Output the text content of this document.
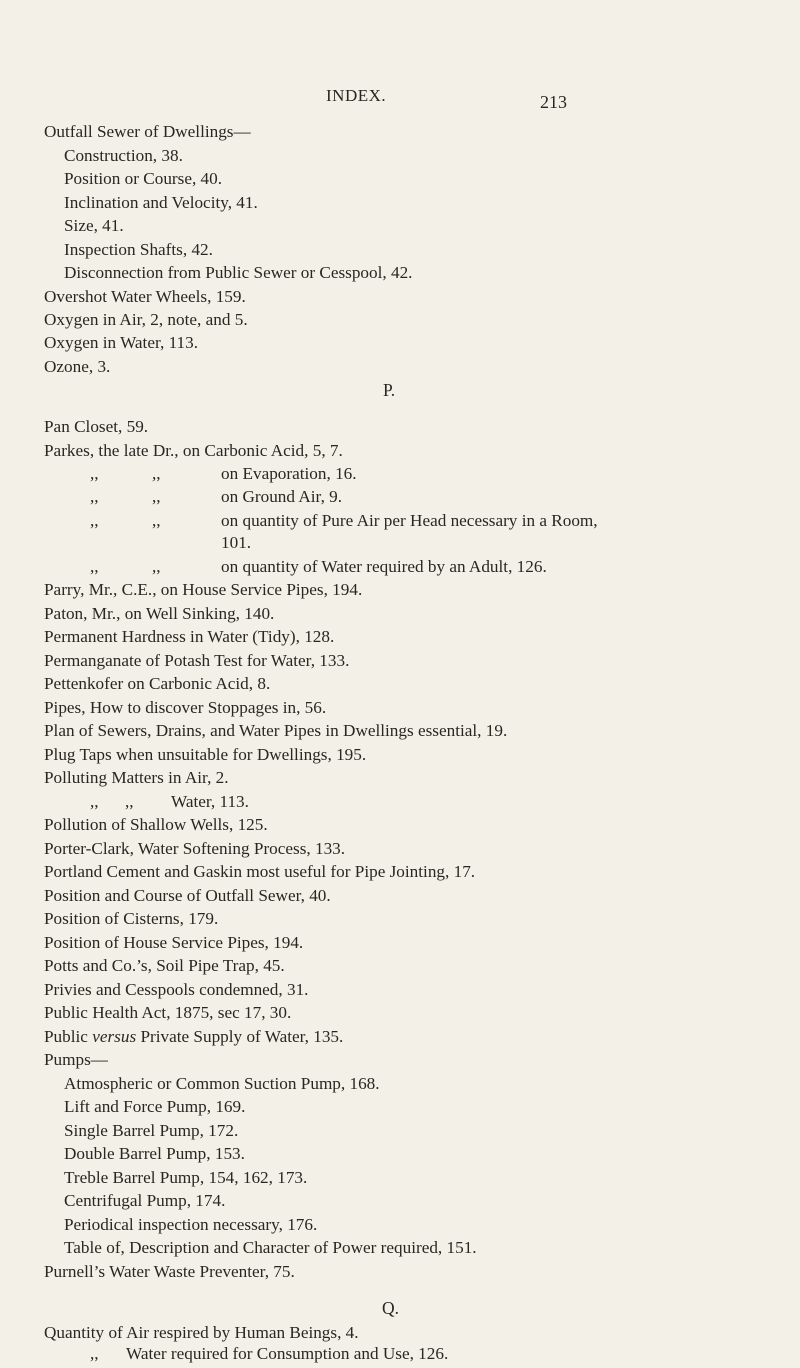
INDEX.	213
Outfall Sewer of Dwellings—
Construction, 38.
Position or Course, 40.
Inclination and Velocity, 41.
Size, 41.
Inspection Shafts, 42.
Disconnection from Public Sewer or Cesspool, 42.
Overshot Water Wheels, 159.
Oxygen in Air, 2, note, and 5.
Oxygen in Water, 113.
Ozone, 3.
P.
Pan Closet, 59.
Parkes, the late Dr., on Carbonic Acid, 5, 7.
,,	,,	on Evaporation, 16.
,,	,,	on Ground Air, 9.
,,	,,	on quantity of Pure Air per Head necessary in a Room,
101.
,,	,,	on quantity of Water required by an Adult, 126.
Parry, Mr., C.E., on House Service Pipes, 194.
Paton, Mr., on Well Sinking, 140.
Permanent Hardness in Water (Tidy), 128.
Permanganate of Potash Test for Water, 133.
Pettenkofer on Carbonic Acid, 8.
Pipes, How to discover Stoppages in, 56.
Plan of Sewers, Drains, and Water Pipes in Dwellings essential, 19.
Plug Taps when unsuitable for Dwellings, 195.
Polluting Matters in Air, 2.
,, ,, Water, 113.
Pollution of Shallow Wells, 125.
Porter-Clark, Water Softening Process, 133.
Portland Cement and Gaskin most useful for Pipe Jointing, 17.
Position and Course of Outfall Sewer, 40.
Position of Cisterns, 179.
Position of House Service Pipes, 194.
Potts and Co.’s, Soil Pipe Trap, 45.
Privies and Cesspools condemned, 31.
Public Health Act, 1875, sec 17, 30.
Public versus Private Supply of Water, 135.
Pumps—
Atmospheric or Common Suction Pump, 168.
Lift and Force Pump, 169.
Single Barrel Pump, 172.
Double Barrel Pump, 153.
Treble Barrel Pump, 154, 162, 173.
Centrifugal Pump, 174.
Periodical inspection necessary, 176.
Table of, Description and Character of Power required, 151.
Purnell’s Water Waste Preventer, 75.
Q.
Quantity of Air respired by Human Beings, 4.
,, Water required for Consumption and Use, 126.
